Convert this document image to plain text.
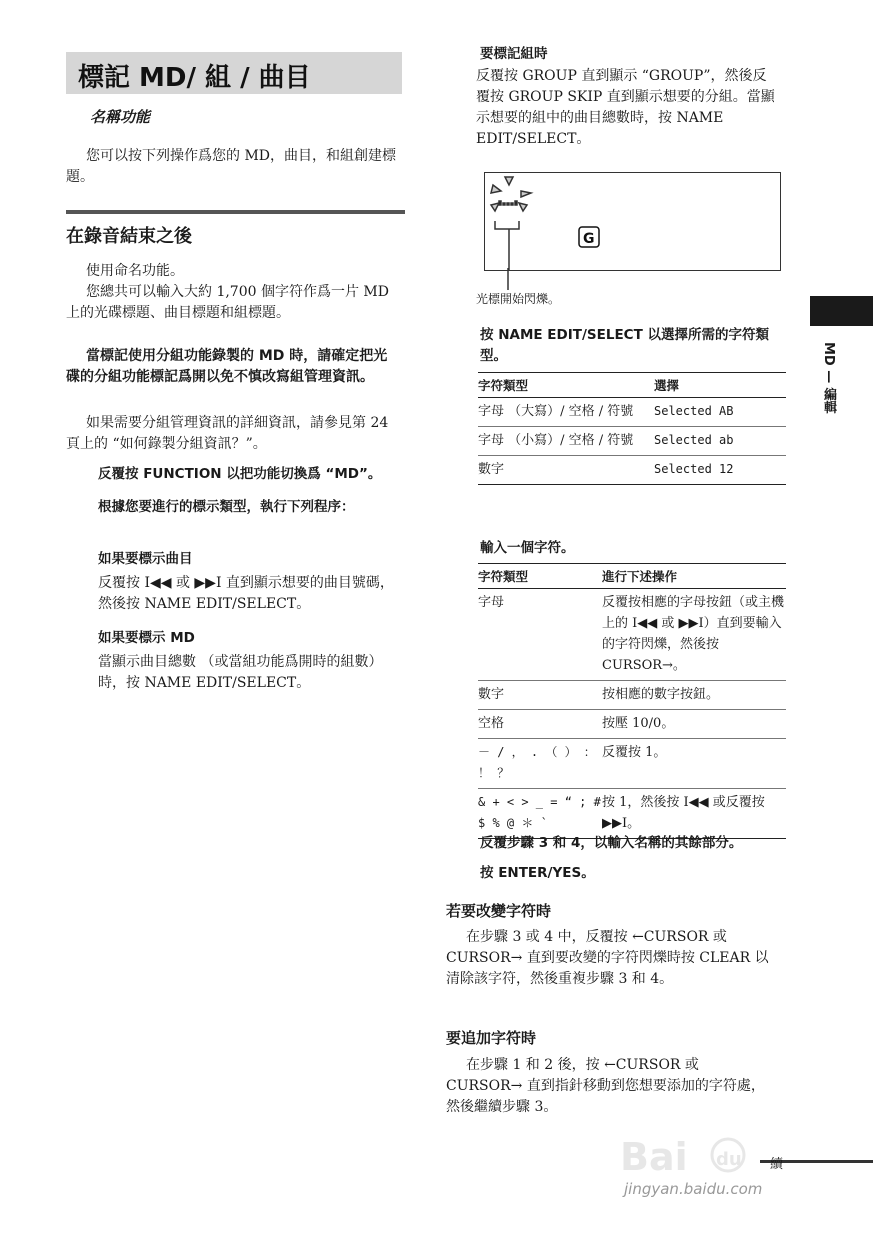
標記 MD/ 組 / 曲目
名稱功能
您可以按下列操作爲您的 MD，曲目，和組創建標題。
在錄音結束之後
使用命名功能。
您總共可以輸入大約 1,700 個字符作爲一片 MD 上的光碟標題、曲目標題和組標題。
當標記使用分組功能錄製的 MD 時，請確定把光碟的分組功能標記爲開以免不慎改寫組管理資訊。
如果需要分組管理資訊的詳細資訊，請參見第 24 頁上的 “如何錄製分組資訊？”。
反覆按 FUNCTION 以把功能切換爲 “MD”。
根據您要進行的標示類型，執行下列程序：
如果要標示曲目
反覆按 I◀◀ 或 ▶▶I 直到顯示想要的曲目號碼，然後按 NAME EDIT/SELECT。
如果要標示 MD
當顯示曲目總數 （或當組功能爲開時的組數）時，按 NAME EDIT/SELECT。
要標記組時
反覆按 GROUP 直到顯示 “GROUP”，然後反覆按 GROUP SKIP 直到顯示想要的分組。當顯示想要的組中的曲目總數時，按 NAME EDIT/SELECT。
G
光標開始閃爍。
按 NAME EDIT/SELECT 以選擇所需的字符類型。
字符類型	選擇
字母 （大寫）/ 空格 / 符號	Selected AB
字母 （小寫）/ 空格 / 符號	Selected ab
數字	Selected 12
輸入一個字符。
字符類型	進行下述操作
字母	反覆按相應的字母按鈕（或主機上的 I◀◀ 或 ▶▶I）直到要輸入的字符閃爍，然後按 CURSOR→。
數字	按相應的數字按鈕。
空格	按壓 10/0。
－ / ， . （ ） ： ！ ？	反覆按 1。
& + < > _ = “ ; # $ % @ ＊ `	按 1，然後按 I◀◀ 或反覆按 ▶▶I。
反覆步驟 3 和 4，以輸入名稱的其餘部分。
按 ENTER/YES。
若要改變字符時
在步驟 3 或 4 中，反覆按 ←CURSOR 或 CURSOR→ 直到要改變的字符閃爍時按 CLEAR 以清除該字符，然後重複步驟 3 和 4。
要追加字符時
在步驟 1 和 2 後，按 ←CURSOR 或 CURSOR→ 直到指針移動到您想要添加的字符處，然後繼續步驟 3。
MD — 編輯
續
Bai du
jingyan.baidu.com
